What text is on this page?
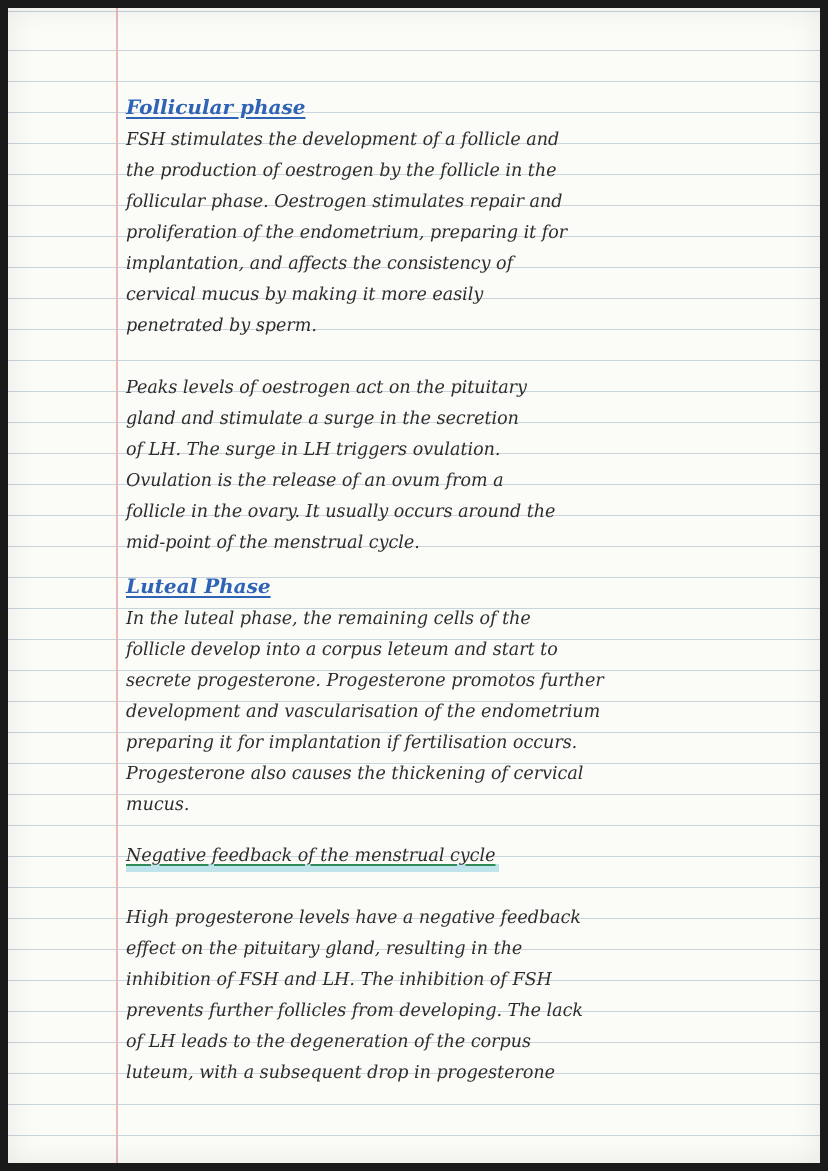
Follicular phase

FSH stimulates the development of a follicle and
the production of oestrogen by the follicle in the
follicular phase. Oestrogen stimulates repair and
proliferation of the endometrium, preparing it for
implantation, and affects the consistency of
cervical mucus by making it more easily
penetrated by sperm.

Peaks levels of oestrogen act on the pituitary
gland and stimulate a surge in the secretion
of LH. The surge in LH triggers ovulation.
Ovulation is the release of an ovum from a
follicle in the ovary. It usually occurs around the
mid-point of the menstrual cycle.

Luteal Phase

In the luteal phase, the remaining cells of the
follicle develop into a corpus leteum and start to
secrete progesterone. Progesterone promotos further
development and vascularisation of the endometrium
preparing it for implantation if fertilisation occurs.
Progesterone also causes the thickening of cervical
mucus.

Negative feedback of the menstrual cycle

High progesterone levels have a negative feedback
effect on the pituitary gland, resulting in the
inhibition of FSH and LH. The inhibition of FSH
prevents further follicles from developing. The lack
of LH leads to the degeneration of the corpus
luteum, with a subsequent drop in progesterone
